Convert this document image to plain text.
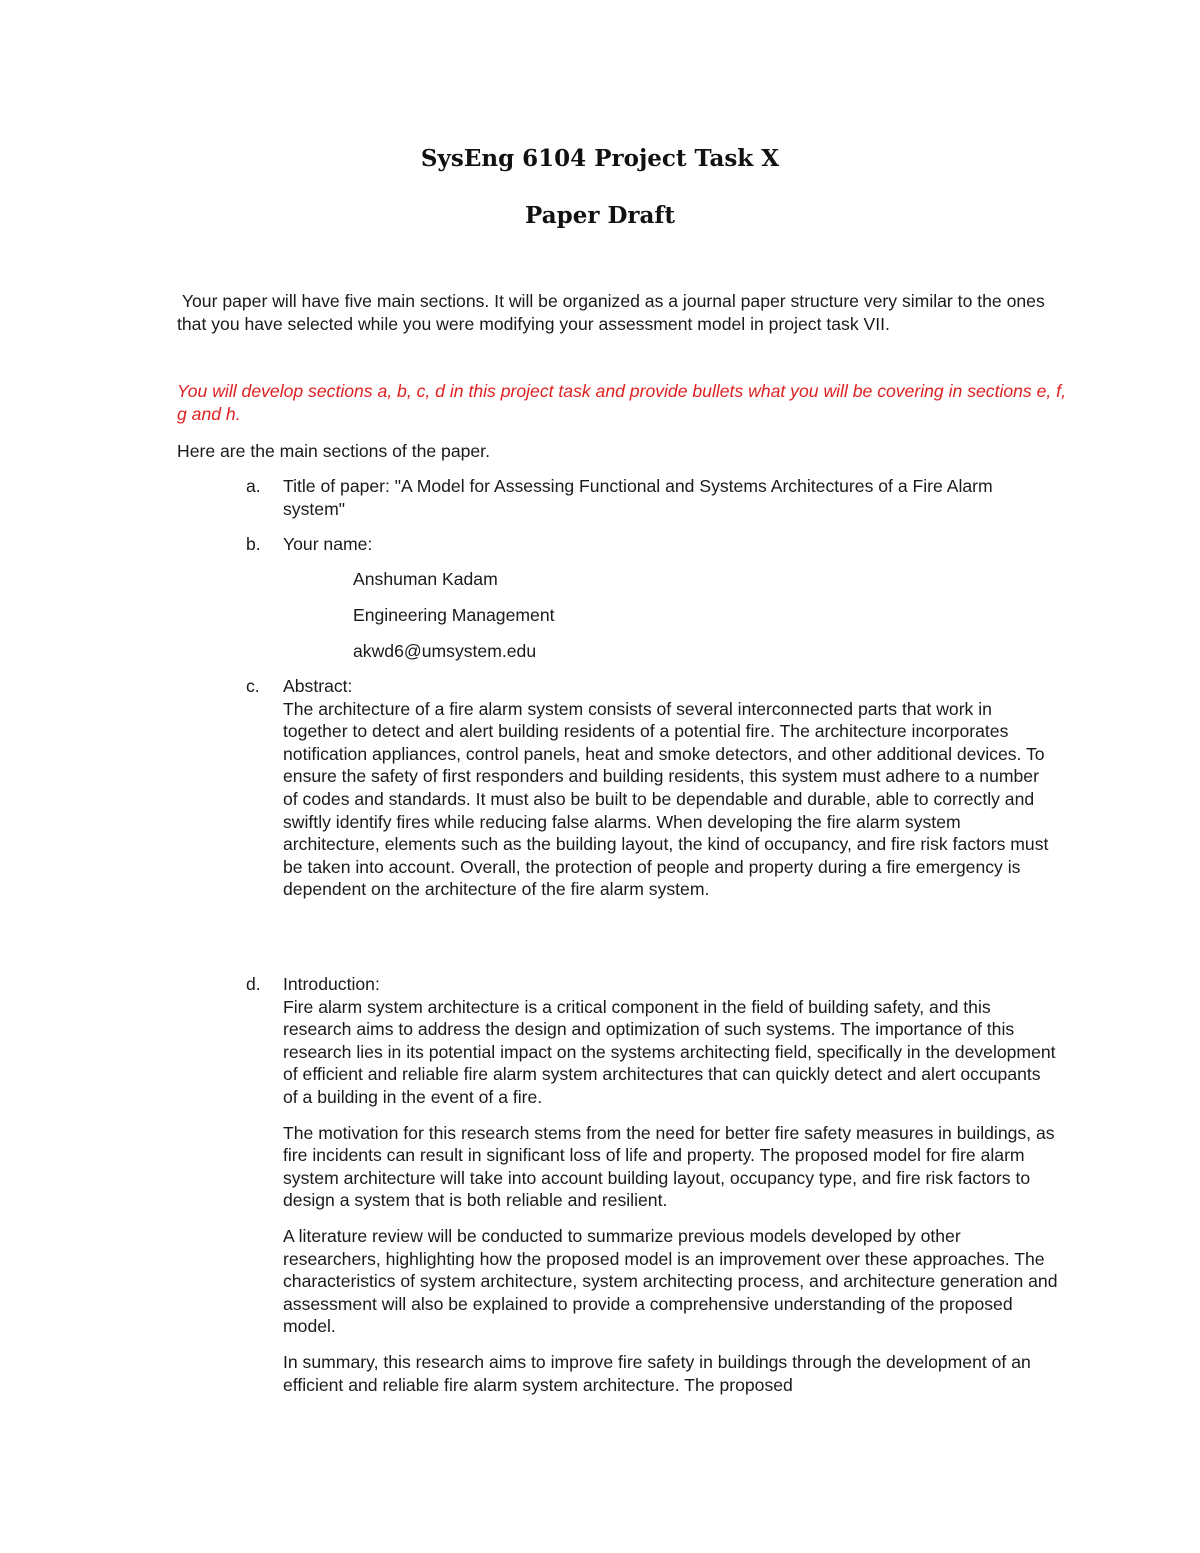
SysEng 6104 Project Task X
Paper Draft

Your paper will have five main sections. It will be organized as a journal paper structure very similar to the ones that you have selected while you were modifying your assessment model in project task VII.

You will develop sections a, b, c, d in this project task and provide bullets what you will be covering in sections e, f, g and h.

Here are the main sections of the paper.

a. Title of paper: "A Model for Assessing Functional and Systems Architectures of a Fire Alarm system"
b. Your name:
Anshuman Kadam
Engineering Management
akwd6@umsystem.edu
c. Abstract:

The architecture of a fire alarm system consists of several interconnected parts that work in together to detect and alert building residents of a potential fire. The architecture incorporates notification appliances, control panels, heat and smoke detectors, and other additional devices. To ensure the safety of first responders and building residents, this system must adhere to a number of codes and standards. It must also be built to be dependable and durable, able to correctly and swiftly identify fires while reducing false alarms. When developing the fire alarm system architecture, elements such as the building layout, the kind of occupancy, and fire risk factors must be taken into account. Overall, the protection of people and property during a fire emergency is dependent on the architecture of the fire alarm system.

d. Introduction:

Fire alarm system architecture is a critical component in the field of building safety, and this research aims to address the design and optimization of such systems. The importance of this research lies in its potential impact on the systems architecting field, specifically in the development of efficient and reliable fire alarm system architectures that can quickly detect and alert occupants of a building in the event of a fire.

The motivation for this research stems from the need for better fire safety measures in buildings, as fire incidents can result in significant loss of life and property. The proposed model for fire alarm system architecture will take into account building layout, occupancy type, and fire risk factors to design a system that is both reliable and resilient.

A literature review will be conducted to summarize previous models developed by other researchers, highlighting how the proposed model is an improvement over these approaches. The characteristics of system architecture, system architecting process, and architecture generation and assessment will also be explained to provide a comprehensive understanding of the proposed model.

In summary, this research aims to improve fire safety in buildings through the development of an efficient and reliable fire alarm system architecture. The proposed
